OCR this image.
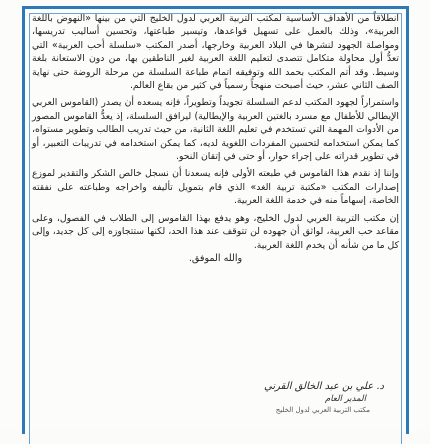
انطلاقاً من الأهداف الأساسية لمكتب التربية العربي لدول الخليج التي من بينها «النهوض باللغة العربية»، وذلك بالعمل على تسهيل قواعدها، وتيسير طباعتها، وتحسين أساليب تدريسها، ومواصلة الجهود لنشرها في البلاد العربية وخارجها، أصدر المكتب «سلسلة أحب العربية» التي تعدُّ أول محاولة متكامل تتصدى لتعليم اللغة العربية لغير الناطقين بها، من دون الاستعانة بلغة وسيط. وقد أتم المكتب بحمد الله وتوفيقه اتمام طباعة السلسلة من مرحلة الروضة حتى نهاية الصف الثاني عشر، حيث أصبحت منهجاً رسمياً في كثير من بقاع العالم.

واستمراراً لجهود المكتب لدعم السلسلة تجويداً وتطويراً، فإنه يسعده أن يصدر (القاموس العربي الإيطالي للأطفال مع مسرد بالغتين العربية والإيطالية) ليرافق السلسلة، إذ يعدُّ القاموس المصور من الأدوات المهمة التي تستخدم في تعليم اللغة الثانية، من حيث تدريب الطالب وتطوير مستواه، كما يمكن استخدامه لتحسين المفردات اللغوية لديه، كما يمكن استخدامه في تدريبات التعبير، أو في تطوير قدراته على إجراء حوار، أو حتى في إتقان النحو.

وإننا إذ نقدم هذا القاموس في طبعته الأولى فإنه يسعدنا أن نسجل خالص الشكر والتقدير لموزع إصدارات المكتب «مكتبة تربية الغد» الذي قام بتمويل تأليفه واخراجه وطباعته على نفقته الخاصة، إسهاماً منه في خدمة اللغة العربية.

إن مكتب التربية العربي لدول الخليج، وهو يدفع بهذا القاموس إلى الطلاب في الفصول، وعلى مقاعد حب العربية، لواثق أن جهوده لن تتوقف عند هذا الحد، لكنها ستتجاوزه إلى كل جديد، وإلى كل ما من شأنه أن يخدم اللغة العربية.

والله الموفق.

د. علي بن عبد الخالق القرني
المدير العام
مكتب التربية العربي لدول الخليج
